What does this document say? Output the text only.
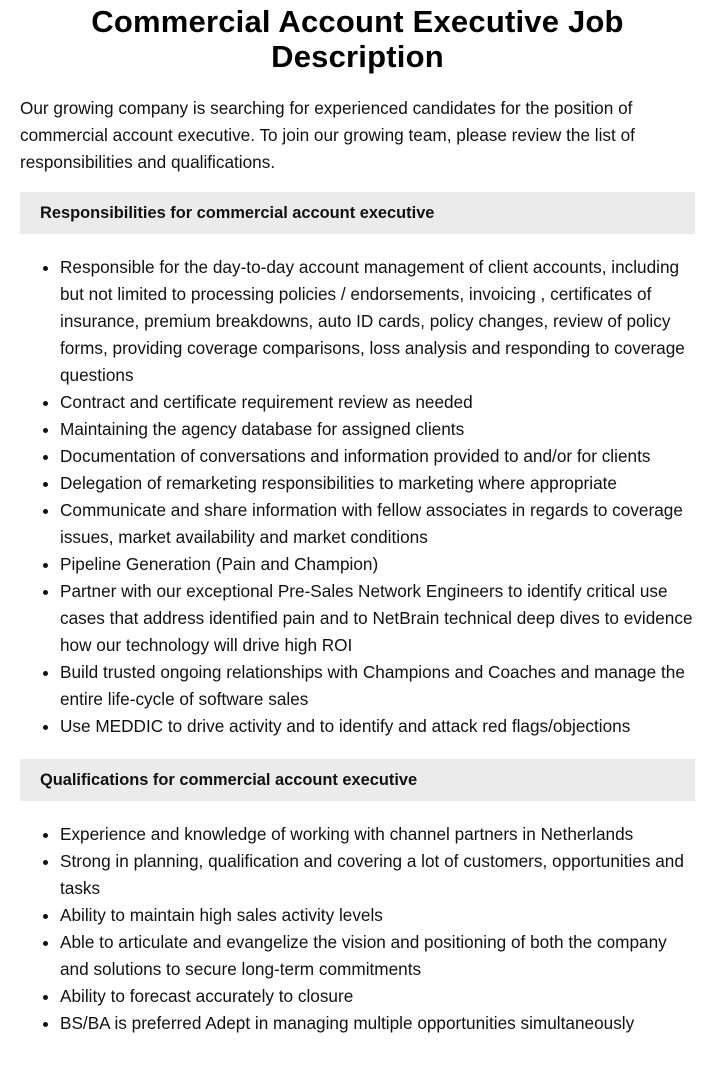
Commercial Account Executive Job Description

Our growing company is searching for experienced candidates for the position of commercial account executive. To join our growing team, please review the list of responsibilities and qualifications.

Responsibilities for commercial account executive
Responsible for the day-to-day account management of client accounts, including but not limited to processing policies / endorsements, invoicing , certificates of insurance, premium breakdowns, auto ID cards, policy changes, review of policy forms, providing coverage comparisons, loss analysis and responding to coverage questions
Contract and certificate requirement review as needed
Maintaining the agency database for assigned clients
Documentation of conversations and information provided to and/or for clients
Delegation of remarketing responsibilities to marketing where appropriate
Communicate and share information with fellow associates in regards to coverage issues, market availability and market conditions
Pipeline Generation (Pain and Champion)
Partner with our exceptional Pre-Sales Network Engineers to identify critical use cases that address identified pain and to NetBrain technical deep dives to evidence how our technology will drive high ROI
Build trusted ongoing relationships with Champions and Coaches and manage the entire life-cycle of software sales
Use MEDDIC to drive activity and to identify and attack red flags/objections
Qualifications for commercial account executive
Experience and knowledge of working with channel partners in Netherlands
Strong in planning, qualification and covering a lot of customers, opportunities and tasks
Ability to maintain high sales activity levels
Able to articulate and evangelize the vision and positioning of both the company and solutions to secure long-term commitments
Ability to forecast accurately to closure
BS/BA is preferred Adept in managing multiple opportunities simultaneously
